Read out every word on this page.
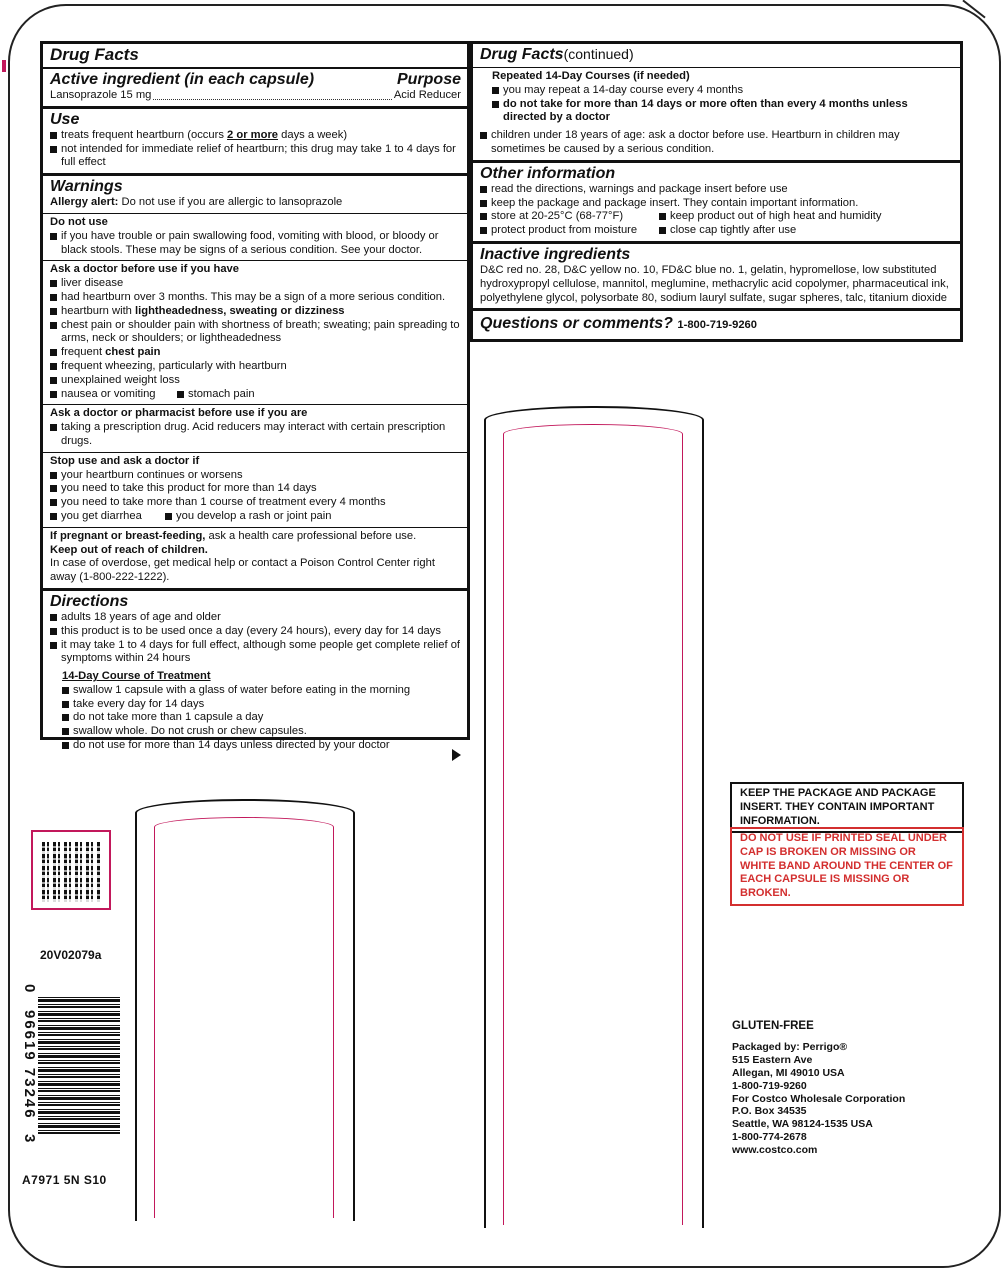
Drug Facts
Active ingredient (in each capsule)	Purpose
Lansoprazole 15 mg	Acid Reducer
Use
treats frequent heartburn (occurs 2 or more days a week)
not intended for immediate relief of heartburn; this drug may take 1 to 4 days for full effect
Warnings
Allergy alert: Do not use if you are allergic to lansoprazole
Do not use
if you have trouble or pain swallowing food, vomiting with blood, or bloody or black stools. These may be signs of a serious condition. See your doctor.
Ask a doctor before use if you have
liver disease
had heartburn over 3 months. This may be a sign of a more serious condition.
heartburn with lightheadedness, sweating or dizziness
chest pain or shoulder pain with shortness of breath; sweating; pain spreading to arms, neck or shoulders; or lightheadedness
frequent chest pain
frequent wheezing, particularly with heartburn
unexplained weight loss
nausea or vomiting	stomach pain
Ask a doctor or pharmacist before use if you are
taking a prescription drug. Acid reducers may interact with certain prescription drugs.
Stop use and ask a doctor if
your heartburn continues or worsens
you need to take this product for more than 14 days
you need to take more than 1 course of treatment every 4 months
you get diarrhea	you develop a rash or joint pain
If pregnant or breast-feeding, ask a health care professional before use.
Keep out of reach of children.
In case of overdose, get medical help or contact a Poison Control Center right away (1-800-222-1222).
Directions
adults 18 years of age and older
this product is to be used once a day (every 24 hours), every day for 14 days
it may take 1 to 4 days for full effect, although some people get complete relief of symptoms within 24 hours
14-Day Course of Treatment
swallow 1 capsule with a glass of water before eating in the morning
take every day for 14 days
do not take more than 1 capsule a day
swallow whole. Do not crush or chew capsules.
do not use for more than 14 days unless directed by your doctor
Drug Facts(continued)
Repeated 14-Day Courses (if needed)
you may repeat a 14-day course every 4 months
do not take for more than 14 days or more often than every 4 months unless directed by a doctor
children under 18 years of age: ask a doctor before use. Heartburn in children may sometimes be caused by a serious condition.
Other information
read the directions, warnings and package insert before use
keep the package and package insert. They contain important information.
store at 20-25°C (68-77°F)	keep product out of high heat and humidity
protect product from moisture	close cap tightly after use
Inactive ingredients
D&C red no. 28, D&C yellow no. 10, FD&C blue no. 1, gelatin, hypromellose, low substituted hydroxypropyl cellulose, mannitol, meglumine, methacrylic acid copolymer, pharmaceutical ink, polyethylene glycol, polysorbate 80, sodium lauryl sulfate, sugar spheres, talc, titanium dioxide
Questions or comments? 1-800-719-9260
KEEP THE PACKAGE AND PACKAGE INSERT. THEY CONTAIN IMPORTANT INFORMATION.
DO NOT USE IF PRINTED SEAL UNDER CAP IS BROKEN OR MISSING OR WHITE BAND AROUND THE CENTER OF EACH CAPSULE IS MISSING OR BROKEN.
20V02079a
0
96619 73246
3
A7971 5N S10
GLUTEN-FREE
Packaged by: Perrigo®
515 Eastern Ave
Allegan, MI 49010 USA
1-800-719-9260
For Costco Wholesale Corporation
P.O. Box 34535
Seattle, WA 98124-1535 USA
1-800-774-2678
www.costco.com
